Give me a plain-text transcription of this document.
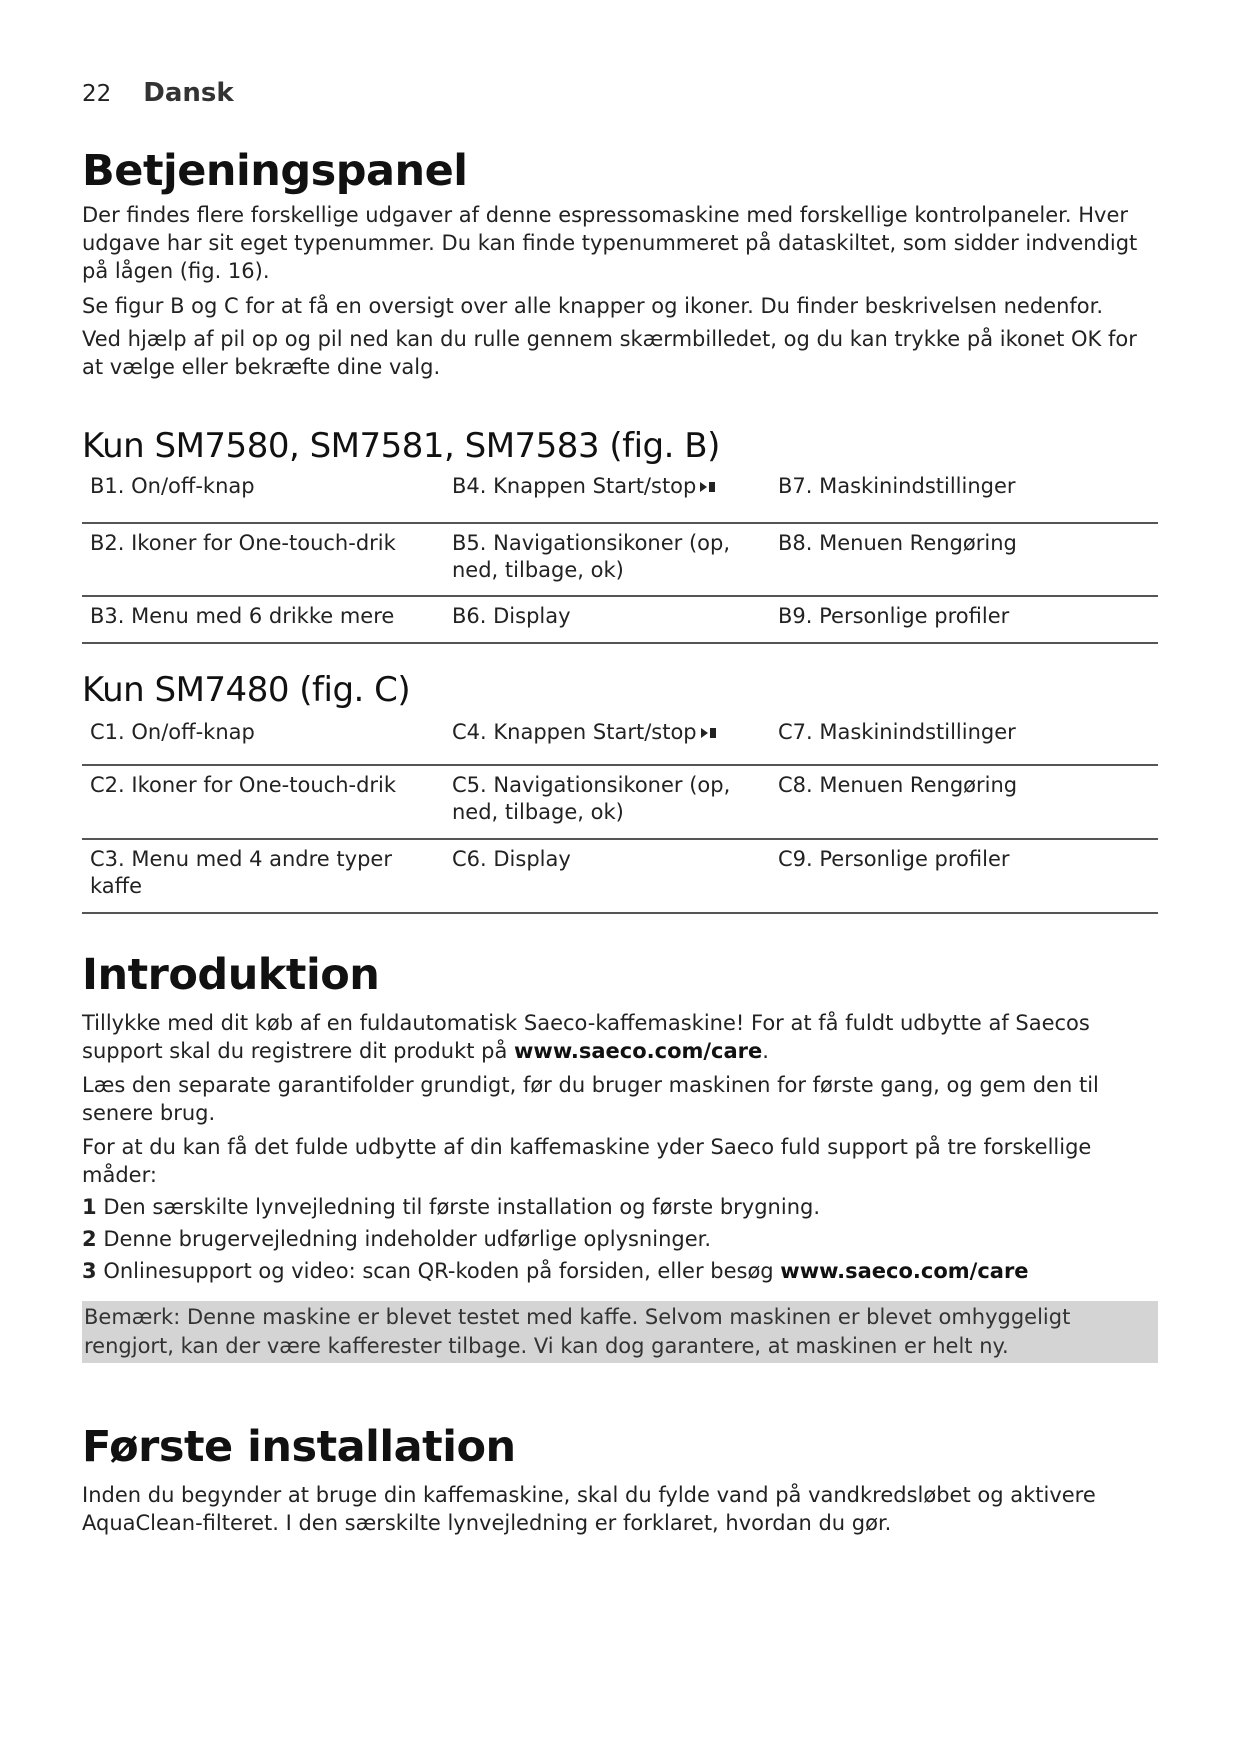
22 Dansk
Betjeningspanel

Der findes flere forskellige udgaver af denne espressomaskine med forskellige kontrolpaneler. Hver udgave har sit eget typenummer. Du kan finde typenummeret på dataskiltet, som sidder indvendigt på lågen (fig. 16).

Se figur B og C for at få en oversigt over alle knapper og ikoner. Du finder beskrivelsen nedenfor.

Ved hjælp af pil op og pil ned kan du rulle gennem skærmbilledet, og du kan trykke på ikonet OK for at vælge eller bekræfte dine valg.

Kun SM7580, SM7581, SM7583 (fig. B)
B1. On/off-knap	B4. Knappen Start/stop	B7. Maskinindstillinger
B2. Ikoner for One-touch-drik	B5. Navigationsikoner (op, ned, tilbage, ok)	B8. Menuen Rengøring
B3. Menu med 6 drikke mere	B6. Display	B9. Personlige profiler
Kun SM7480 (fig. C)
C1. On/off-knap	C4. Knappen Start/stop	C7. Maskinindstillinger
C2. Ikoner for One-touch-drik	C5. Navigationsikoner (op, ned, tilbage, ok)	C8. Menuen Rengøring
C3. Menu med 4 andre typer kaffe	C6. Display	C9. Personlige profiler
Introduktion

Tillykke med dit køb af en fuldautomatisk Saeco-kaffemaskine! For at få fuldt udbytte af Saecos support skal du registrere dit produkt på www.saeco.com/care.

Læs den separate garantifolder grundigt, før du bruger maskinen for første gang, og gem den til senere brug.

For at du kan få det fulde udbytte af din kaffemaskine yder Saeco fuld support på tre forskellige måder:

1 Den særskilte lynvejledning til første installation og første brygning.

2 Denne brugervejledning indeholder udførlige oplysninger.

3 Onlinesupport og video: scan QR-koden på forsiden, eller besøg www.saeco.com/care

Bemærk: Denne maskine er blevet testet med kaffe. Selvom maskinen er blevet omhyggeligt rengjort, kan der være kafferester tilbage. Vi kan dog garantere, at maskinen er helt ny.
Første installation

Inden du begynder at bruge din kaffemaskine, skal du fylde vand på vandkredsløbet og aktivere AquaClean-filteret. I den særskilte lynvejledning er forklaret, hvordan du gør.
